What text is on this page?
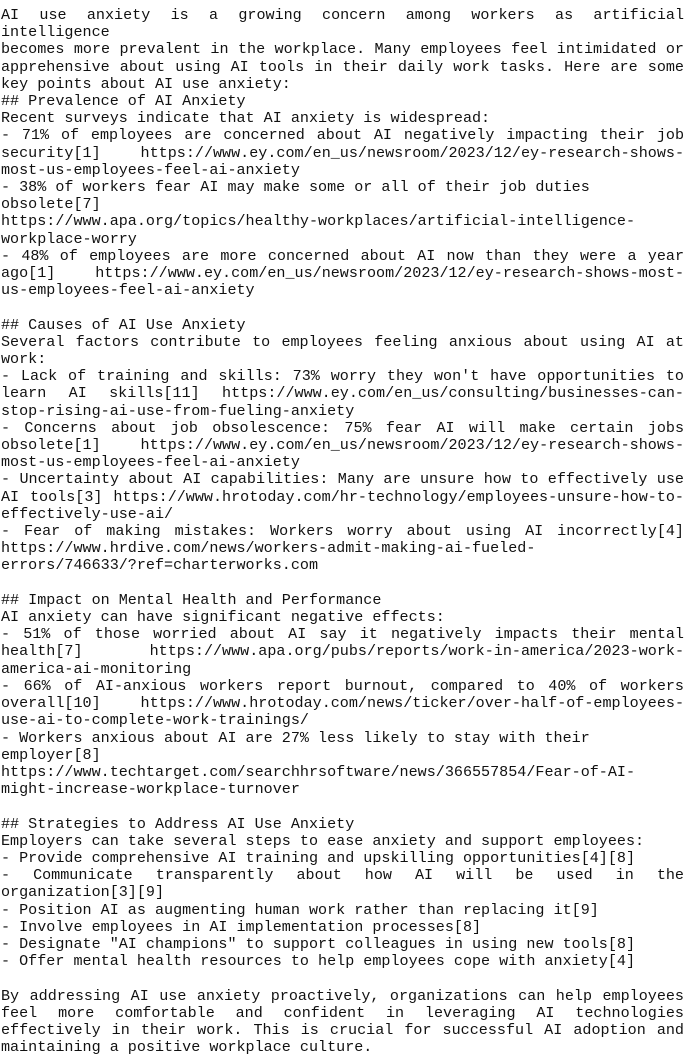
AI use anxiety is a growing concern among workers as artificial intelligence
becomes more prevalent in the workplace. Many employees feel intimidated or
apprehensive about using AI tools in their daily work tasks. Here are some
key points about AI use anxiety:
## Prevalence of AI Anxiety
Recent surveys indicate that AI anxiety is widespread:
- 71% of employees are concerned about AI negatively impacting their job
security[1] https://www.ey.com/en_us/newsroom/2023/12/ey-research-shows-
most-us-employees-feel-ai-anxiety
- 38% of workers fear AI may make some or all of their job duties obsolete[7]
https://www.apa.org/topics/healthy-workplaces/artificial-intelligence-
workplace-worry
- 48% of employees are more concerned about AI now than they were a year
ago[1] https://www.ey.com/en_us/newsroom/2023/12/ey-research-shows-most-
us-employees-feel-ai-anxiety
## Causes of AI Use Anxiety
Several factors contribute to employees feeling anxious about using AI at
work:
- Lack of training and skills: 73% worry they won't have opportunities to
learn AI skills[11] https://www.ey.com/en_us/consulting/businesses-can-
stop-rising-ai-use-from-fueling-anxiety
- Concerns about job obsolescence: 75% fear AI will make certain jobs
obsolete[1] https://www.ey.com/en_us/newsroom/2023/12/ey-research-shows-
most-us-employees-feel-ai-anxiety
- Uncertainty about AI capabilities: Many are unsure how to effectively use
AI tools[3] https://www.hrotoday.com/hr-technology/employees-unsure-how-to-
effectively-use-ai/
- Fear of making mistakes: Workers worry about using AI incorrectly[4]
https://www.hrdive.com/news/workers-admit-making-ai-fueled-
errors/746633/?ref=charterworks.com
## Impact on Mental Health and Performance
AI anxiety can have significant negative effects:
- 51% of those worried about AI say it negatively impacts their mental
health[7] https://www.apa.org/pubs/reports/work-in-america/2023-work-
america-ai-monitoring
- 66% of AI-anxious workers report burnout, compared to 40% of workers
overall[10] https://www.hrotoday.com/news/ticker/over-half-of-employees-
use-ai-to-complete-work-trainings/
- Workers anxious about AI are 27% less likely to stay with their employer[8]
https://www.techtarget.com/searchhrsoftware/news/366557854/Fear-of-AI-
might-increase-workplace-turnover
## Strategies to Address AI Use Anxiety
Employers can take several steps to ease anxiety and support employees:
- Provide comprehensive AI training and upskilling opportunities[4][8]
- Communicate transparently about how AI will be used in the
organization[3][9]
- Position AI as augmenting human work rather than replacing it[9]
- Involve employees in AI implementation processes[8]
- Designate "AI champions" to support colleagues in using new tools[8]
- Offer mental health resources to help employees cope with anxiety[4]
By addressing AI use anxiety proactively, organizations can help employees
feel more comfortable and confident in leveraging AI technologies
effectively in their work. This is crucial for successful AI adoption and
maintaining a positive workplace culture.
